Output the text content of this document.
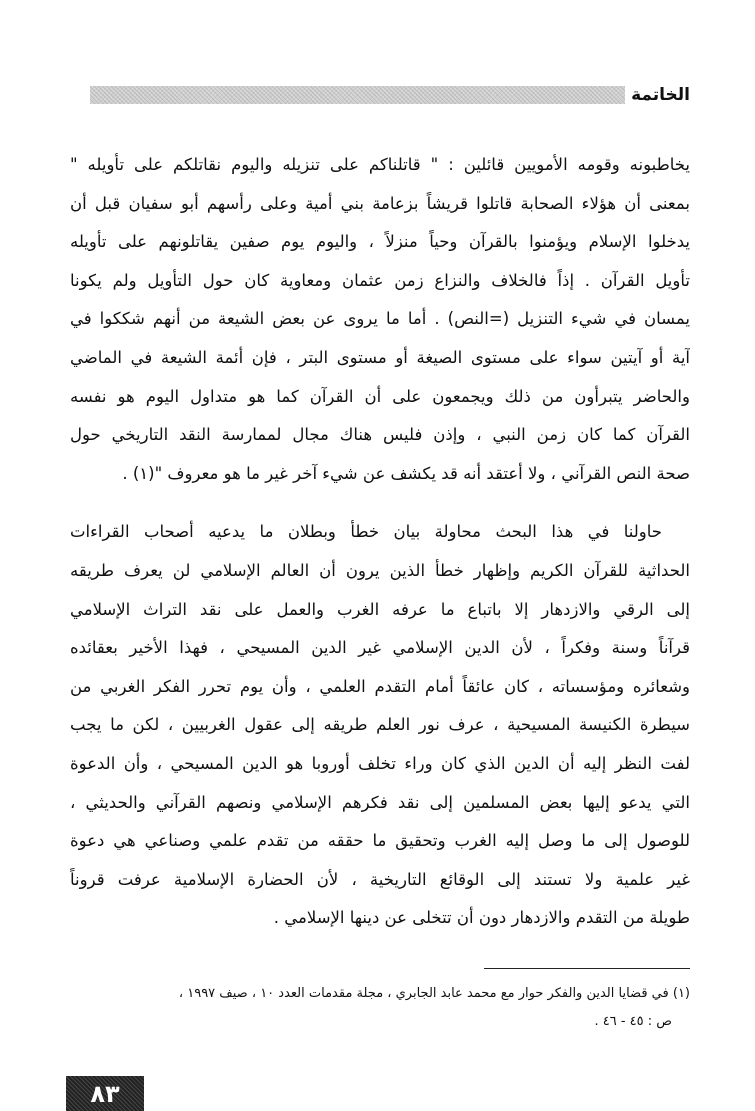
الخاتمة
يخاطبونه وقومه الأمويين قائلين : " قاتلناكم على تنزيله واليوم نقاتلكم على تأويله "
بمعنى أن هؤلاء الصحابة قاتلوا قريشاً بزعامة بني أمية وعلى رأسهم أبو سفيان قبل أن
يدخلوا الإسلام ويؤمنوا بالقرآن وحياً منزلاً ، واليوم يوم صفين يقاتلونهم على تأويله
تأويل القرآن . إذاً فالخلاف والنزاع زمن عثمان ومعاوية كان حول التأويل ولم يكونا
يمسان في شيء التنزيل (=النص) . أما ما يروى عن بعض الشيعة من أنهم شككوا في
آية أو آيتين سواء على مستوى الصيغة أو مستوى البتر ، فإن أئمة الشيعة في الماضي
والحاضر يتبرأون من ذلك ويجمعون على أن القرآن كما هو متداول اليوم هو نفسه
القرآن كما كان زمن النبي ، وإذن فليس هناك مجال لممارسة النقد التاريخي حول
صحة النص القرآني ، ولا أعتقد أنه قد يكشف عن شيء آخر غير ما هو معروف "(١) .
حاولنا في هذا البحث محاولة بيان خطأ وبطلان ما يدعيه أصحاب القراءات
الحداثية للقرآن الكريم وإظهار خطأ الذين يرون أن العالم الإسلامي لن يعرف طريقه
إلى الرقي والازدهار إلا باتباع ما عرفه الغرب والعمل على نقد التراث الإسلامي
قرآناً وسنة وفكراً ، لأن الدين الإسلامي غير الدين المسيحي ، فهذا الأخير بعقائده
وشعائره ومؤسساته ، كان عائقاً أمام التقدم العلمي ، وأن يوم تحرر الفكر الغربي من
سيطرة الكنيسة المسيحية ، عرف نور العلم طريقه إلى عقول الغربيين ، لكن ما يجب
لفت النظر إليه أن الدين الذي كان وراء تخلف أوروبا هو الدين المسيحي ، وأن الدعوة
التي يدعو إليها بعض المسلمين إلى نقد فكرهم الإسلامي ونصهم القرآني والحديثي ،
للوصول إلى ما وصل إليه الغرب وتحقيق ما حققه من تقدم علمي وصناعي هي دعوة
غير علمية ولا تستند إلى الوقائع التاريخية ، لأن الحضارة الإسلامية عرفت قروناً
طويلة من التقدم والازدهار دون أن تتخلى عن دينها الإسلامي .
(١) في قضايا الدين والفكر حوار مع محمد عابد الجابري ، مجلة مقدمات العدد ١٠ ، صيف ١٩٩٧ ،
ص : ٤٥ - ٤٦ .
٨٣
